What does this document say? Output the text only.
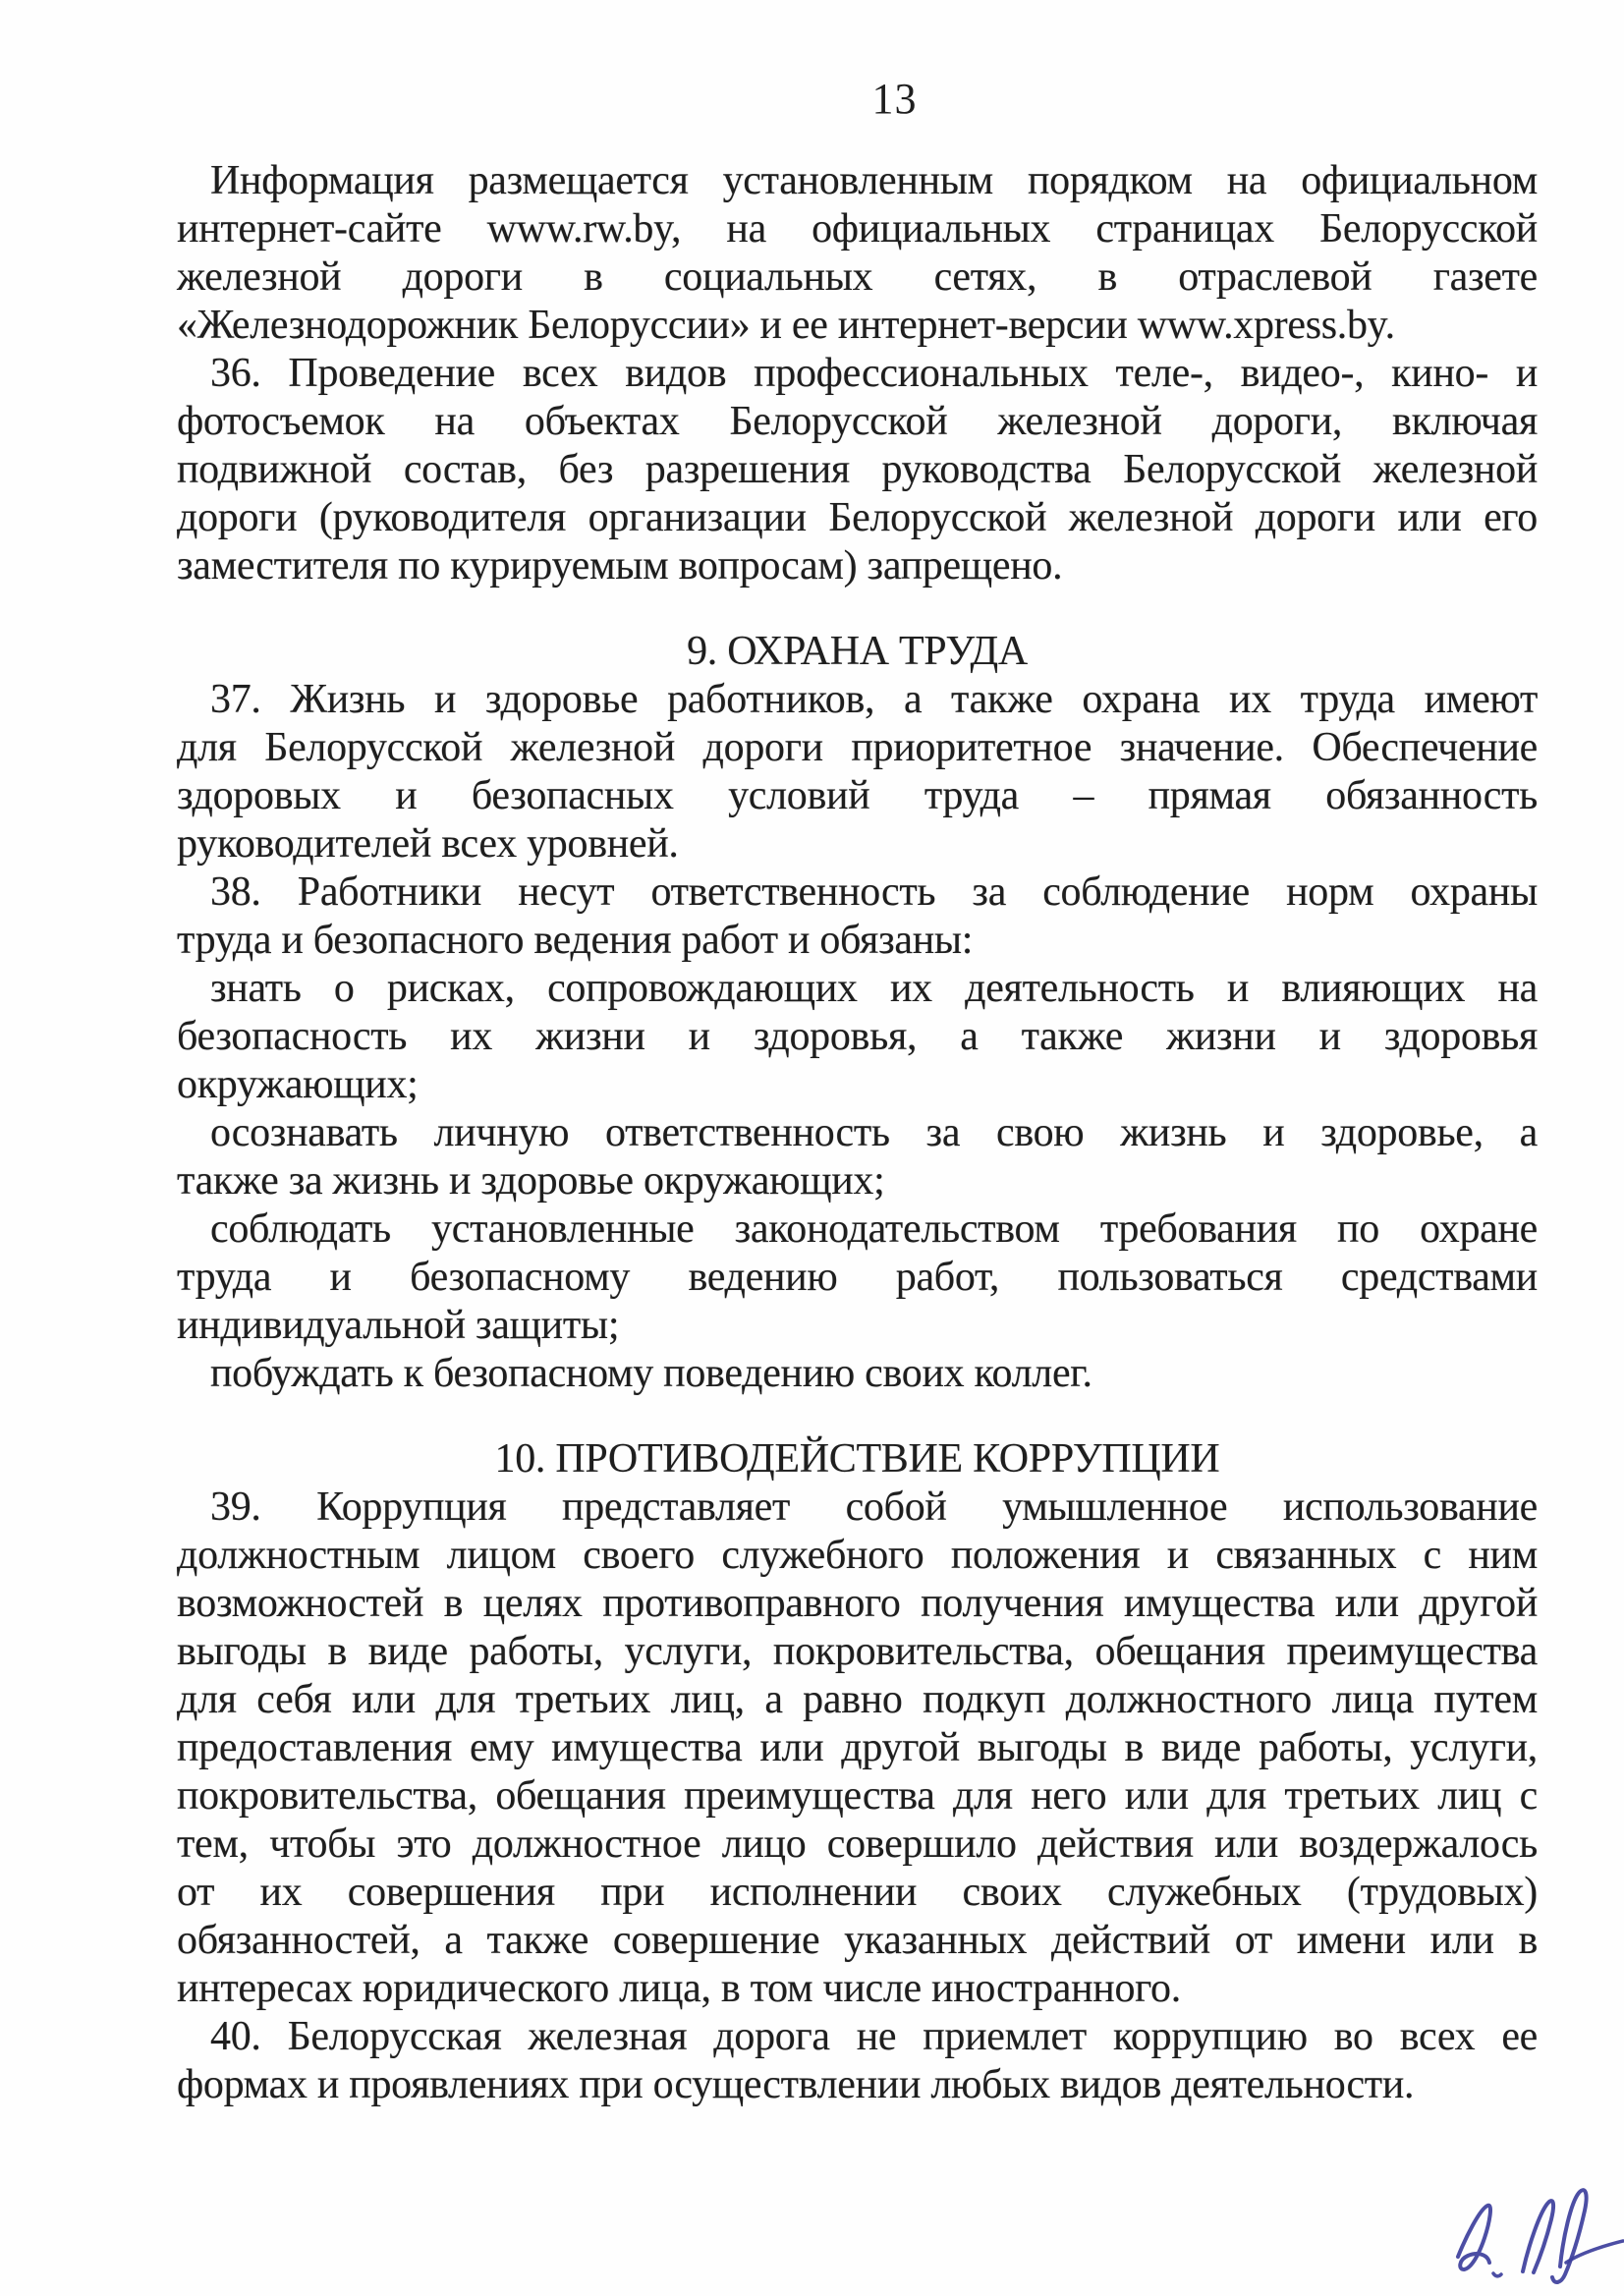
13
Информация размещается установленным порядком на официальном
интернет-сайте www.rw.by, на официальных страницах Белорусской
железной дороги в социальных сетях, в отраслевой газете
«Железнодорожник Белоруссии» и ее интернет-версии www.xpress.by.
36. Проведение всех видов профессиональных теле-, видео-, кино- и
фотосъемок на объектах Белорусской железной дороги, включая
подвижной состав, без разрешения руководства Белорусской железной
дороги (руководителя организации Белорусской железной дороги или его
заместителя по курируемым вопросам) запрещено.
9. ОХРАНА ТРУДА
37. Жизнь и здоровье работников, а также охрана их труда имеют
для Белорусской железной дороги приоритетное значение. Обеспечение
здоровых и безопасных условий труда – прямая обязанность
руководителей всех уровней.
38. Работники несут ответственность за соблюдение норм охраны
труда и безопасного ведения работ и обязаны:
знать о рисках, сопровождающих их деятельность и влияющих на
безопасность их жизни и здоровья, а также жизни и здоровья
окружающих;
осознавать личную ответственность за свою жизнь и здоровье, а
также за жизнь и здоровье окружающих;
соблюдать установленные законодательством требования по охране
труда и безопасному ведению работ, пользоваться средствами
индивидуальной защиты;
побуждать к безопасному поведению своих коллег.
10. ПРОТИВОДЕЙСТВИЕ КОРРУПЦИИ
39. Коррупция представляет собой умышленное использование
должностным лицом своего служебного положения и связанных с ним
возможностей в целях противоправного получения имущества или другой
выгоды в виде работы, услуги, покровительства, обещания преимущества
для себя или для третьих лиц, а равно подкуп должностного лица путем
предоставления ему имущества или другой выгоды в виде работы, услуги,
покровительства, обещания преимущества для него или для третьих лиц с
тем, чтобы это должностное лицо совершило действия или воздержалось
от их совершения при исполнении своих служебных (трудовых)
обязанностей, а также совершение указанных действий от имени или в
интересах юридического лица, в том числе иностранного.
40. Белорусская железная дорога не приемлет коррупцию во всех ее
формах и проявлениях при осуществлении любых видов деятельности.
